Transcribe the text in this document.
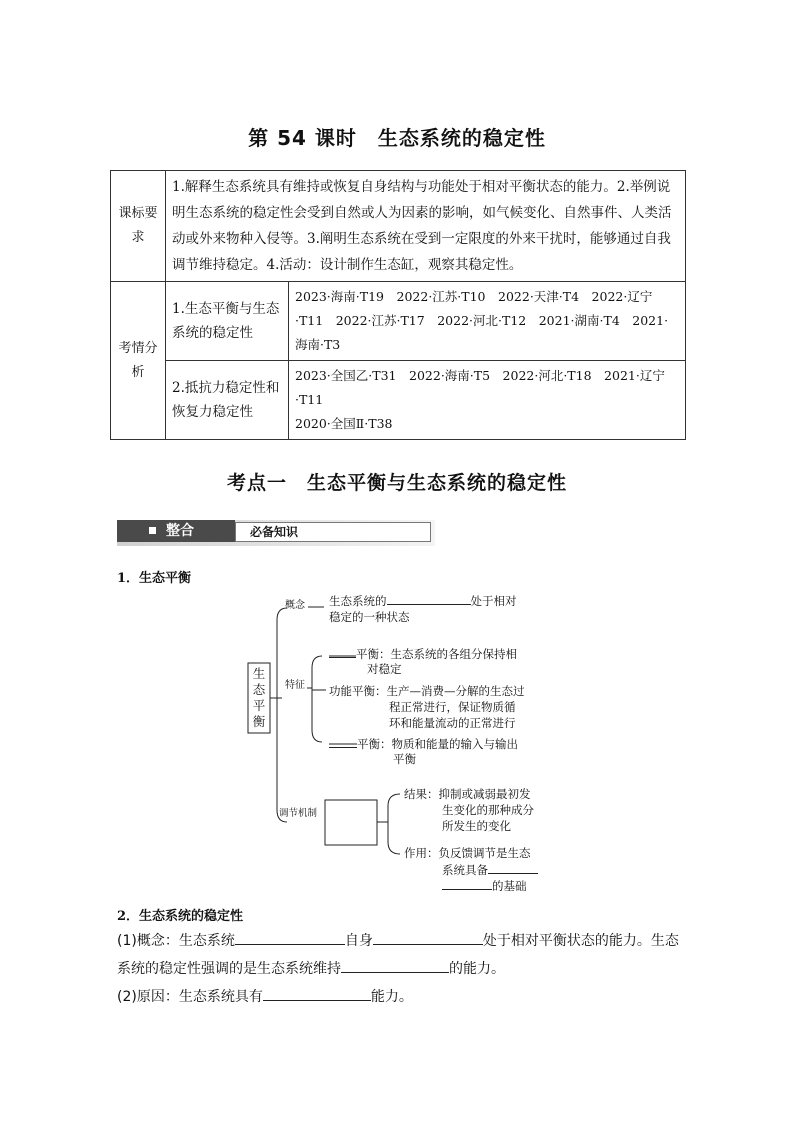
第 54 课时　生态系统的稳定性
课标要求	1.解释生态系统具有维持或恢复自身结构与功能处于相对平衡状态的能力。2.举例说明生态系统的稳定性会受到自然或人为因素的影响，如气候变化、自然事件、人类活动或外来物种入侵等。3.阐明生态系统在受到一定限度的外来干扰时，能够通过自我调节维持稳定。4.活动：设计制作生态缸，观察其稳定性。	
考情分析	1.生态平衡与生态系统的稳定性	2023·海南·T19　2022·江苏·T10　2022·天津·T4　2022·辽宁·T11　2022·江苏·T17　2022·河北·T12　2021·湖南·T4　2021·海南·T3
	2.抵抗力稳定性和恢复力稳定性	2023·全国乙·T31　2022·海南·T5　2022·河北·T18　2021·辽宁·T11
2020·全国Ⅱ·T38
考点一　生态平衡与生态系统的稳定性
整合	必备知识
1．生态平衡
生
态
平
衡
概念 生态系统的	处于相对
稳定的一种状态
特征
平衡：生态系统的各组分保持相
对稳定
功能平衡：生产—消费—分解的生态过
程正常进行，保证物质循
环和能量流动的正常进行
平衡：物质和能量的输入与输出
平衡
调节机制
结果：抑制或减弱最初发
生变化的那种成分
所发生的变化
作用：负反馈调节是生态
系统具备
的基础
2．生态系统的稳定性
(1)概念：生态系统	自身	处于相对平衡状态的能力。生态
系统的稳定性强调的是生态系统维持	的能力。
(2)原因：生态系统具有	能力。
